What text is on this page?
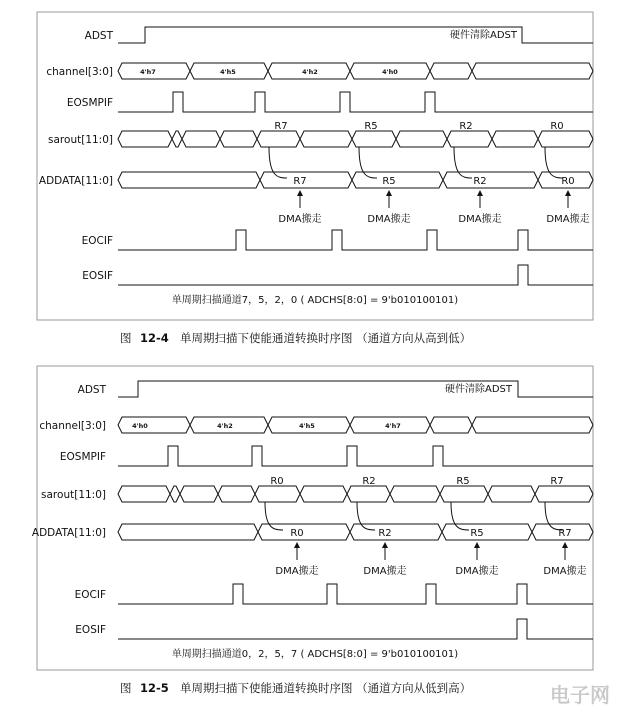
ADST
channel[3:0]
EOSMPIF
sarout[11:0]
ADDATA[11:0]
EOCIF
EOSIF
硬件清除ADST
4'h7	4'h5	4'h2	4'h0
R7	R5	R2	R0
R7	R5	R2	R0
DMA搬走	DMA搬走	DMA搬走	DMA搬走
单周期扫描通道7，5，2，0 ( ADCHS[8:0] = 9'b010100101)
图 12-4 单周期扫描下使能通道转换时序图 （通道方向从高到低）
ADST
channel[3:0]
EOSMPIF
sarout[11:0]
ADDATA[11:0]
EOCIF
EOSIF
硬件清除ADST
4'h0	4'h2	4'h5	4'h7
R0	R2	R5	R7
R0	R2	R5	R7
DMA搬走	DMA搬走	DMA搬走	DMA搬走
单周期扫描通道0，2，5，7 ( ADCHS[8:0] = 9'b010100101)
图 12-5 单周期扫描下使能通道转换时序图 （通道方向从低到高）	电子网
